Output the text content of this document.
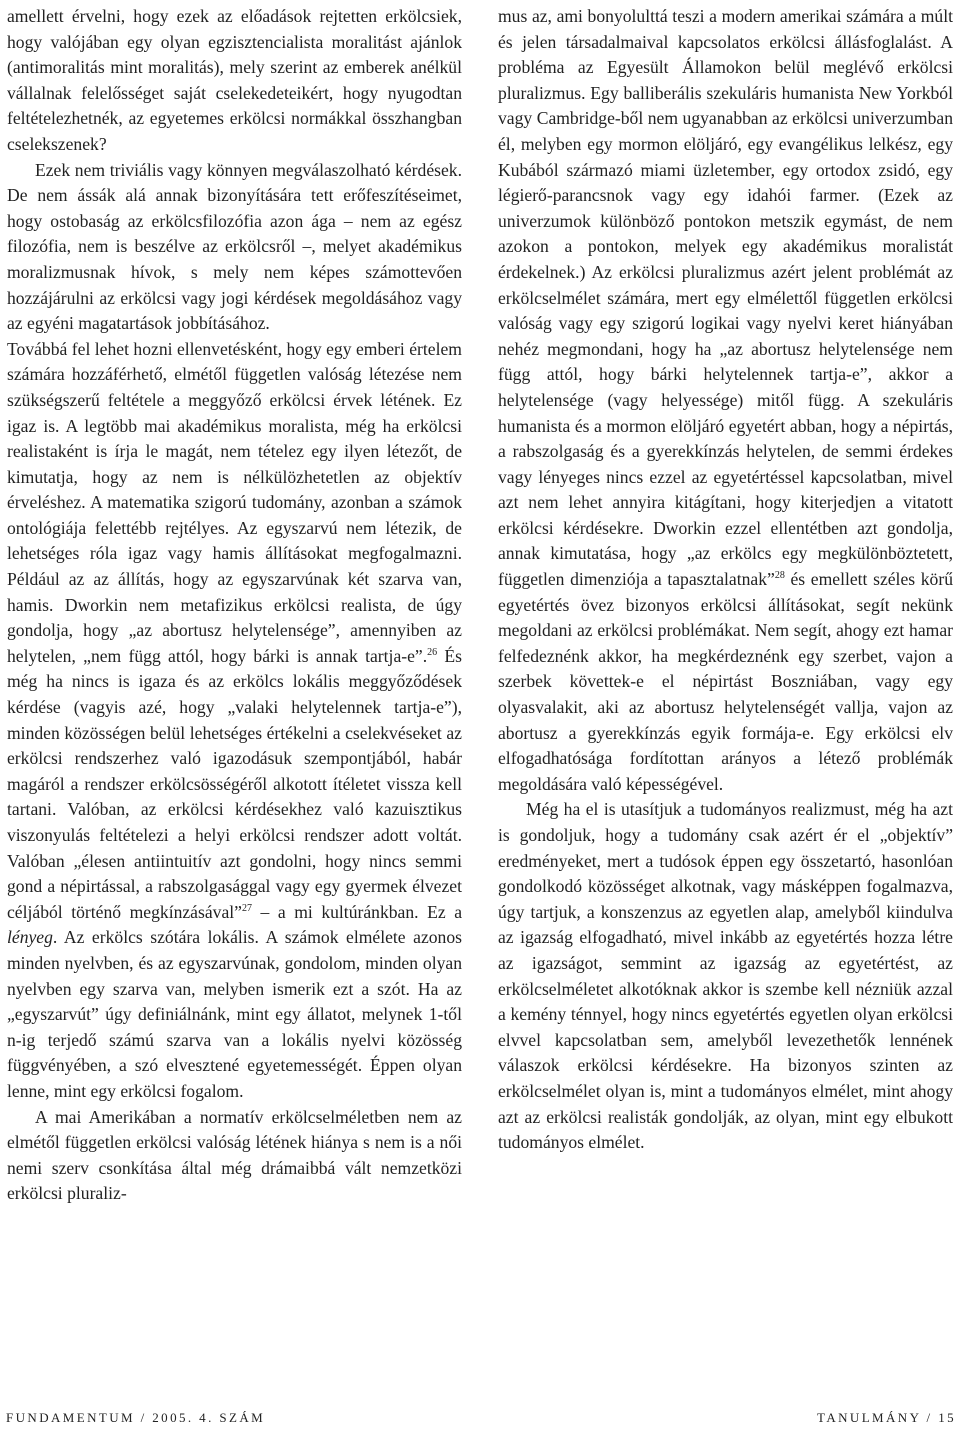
amellett érvelni, hogy ezek az előadások rejtetten erkölcsiek, hogy valójában egy olyan egzisztencialista moralitást ajánlok (antimoralitás mint moralitás), mely szerint az emberek anélkül vállalnak felelősséget saját cselekedeteikért, hogy nyugodtan feltételezhetnék, az egyetemes erkölcsi normákkal összhangban cselekszenek?

Ezek nem triviális vagy könnyen megválaszolható kérdések. De nem ássák alá annak bizonyítására tett erőfeszítéseimet, hogy ostobaság az erkölcsfilozófia azon ága – nem az egész filozófia, nem is beszélve az erkölcsről –, melyet akadémikus moralizmusnak hívok, s mely nem képes számottevően hozzájárulni az erkölcsi vagy jogi kérdések megoldásához vagy az egyéni magatartások jobbításához.

Továbbá fel lehet hozni ellenvetésként, hogy egy emberi értelem számára hozzáférhető, elmétől független valóság létezése nem szükségszerű feltétele a meggyőző erkölcsi érvek létének. Ez igaz is. A legtöbb mai akadémikus moralista, még ha erkölcsi realistaként is írja le magát, nem tételez egy ilyen létezőt, de kimutatja, hogy az nem is nélkülözhetetlen az objektív érveléshez. A matematika szigorú tudomány, azonban a számok ontológiája felettébb rejtélyes. Az egyszarvú nem létezik, de lehetséges róla igaz vagy hamis állításokat megfogalmazni. Például az az állítás, hogy az egyszarvúnak két szarva van, hamis. Dworkin nem metafizikus erkölcsi realista, de úgy gondolja, hogy „az abortusz helytelensége”, amennyiben az helytelen, „nem függ attól, hogy bárki is annak tartja-e”.$^{26}$ És még ha nincs is igaza és az erkölcs lokális meggyőződések kérdése (vagyis azé, hogy „valaki helytelennek tartja-e”), minden közösségen belül lehetséges értékelni a cselekvéseket az erkölcsi rendszerhez való igazodásuk szempontjából, habár magáról a rendszer erkölcsösségéről alkotott ítéletet vissza kell tartani. Valóban, az erkölcsi kérdésekhez való kazuisztikus viszonyulás feltételezi a helyi erkölcsi rendszer adott voltát. Valóban „élesen antiintuitív azt gondolni, hogy nincs semmi gond a népirtással, a rabszolgasággal vagy egy gyermek élvezet céljából történő megkínzásával”$^{27}$ – a mi kultúránkban. Ez a lényeg. Az erkölcs szótára lokális. A számok elmélete azonos minden nyelvben, és az egyszarvúnak, gondolom, minden olyan nyelvben egy szarva van, melyben ismerik ezt a szót. Ha az „egyszarvút” úgy definiálnánk, mint egy állatot, melynek 1-től n-ig terjedő számú szarva van a lokális nyelvi közösség függvényében, a szó elvesztené egyetemességét. Éppen olyan lenne, mint egy erkölcsi fogalom.

A mai Amerikában a normatív erkölcselméletben nem az elmétől független erkölcsi valóság létének hiánya s nem is a női nemi szerv csonkítása által még drámaibbá vált nemzetközi erkölcsi pluraliz-

mus az, ami bonyolulttá teszi a modern amerikai számára a múlt és jelen társadalmaival kapcsolatos erkölcsi állásfoglalást. A probléma az Egyesült Államokon belül meglévő erkölcsi pluralizmus. Egy balliberális szekuláris humanista New Yorkból vagy Cambridge-ből nem ugyanabban az erkölcsi univerzumban él, melyben egy mormon elöljáró, egy evangélikus lelkész, egy Kubából származó miami üzletember, egy ortodox zsidó, egy légierő-parancsnok vagy egy idahói farmer. (Ezek az univerzumok különböző pontokon metszik egymást, de nem azokon a pontokon, melyek egy akadémikus moralistát érdekelnek.) Az erkölcsi pluralizmus azért jelent problémát az erkölcselmélet számára, mert egy elmélettől független erkölcsi valóság vagy egy szigorú logikai vagy nyelvi keret hiányában nehéz megmondani, hogy ha „az abortusz helytelensége nem függ attól, hogy bárki helytelennek tartja-e”, akkor a helytelensége (vagy helyessége) mitől függ. A szekuláris humanista és a mormon elöljáró egyetért abban, hogy a népirtás, a rabszolgaság és a gyerekkínzás helytelen, de semmi érdekes vagy lényeges nincs ezzel az egyetértéssel kapcsolatban, mivel azt nem lehet annyira kitágítani, hogy kiterjedjen a vitatott erkölcsi kérdésekre. Dworkin ezzel ellentétben azt gondolja, annak kimutatása, hogy „az erkölcs egy megkülönböztetett, független dimenziója a tapasztalatnak”$^{28}$ és emellett széles körű egyetértés övez bizonyos erkölcsi állításokat, segít nekünk megoldani az erkölcsi problémákat. Nem segít, ahogy ezt hamar felfedeznénk akkor, ha megkérdeznénk egy szerbet, vajon a szerbek követtek-e el népirtást Boszniában, vagy egy olyasvalakit, aki az abortusz helytelenségét vallja, vajon az abortusz a gyerekkínzás egyik formája-e. Egy erkölcsi elv elfogadhatósága fordítottan arányos a létező problémák megoldására való képességével.

Még ha el is utasítjuk a tudományos realizmust, még ha azt is gondoljuk, hogy a tudomány csak azért ér el „objektív” eredményeket, mert a tudósok éppen egy összetartó, hasonlóan gondolkodó közösséget alkotnak, vagy másképpen fogalmazva, úgy tartjuk, a konszenzus az egyetlen alap, amelyből kiindulva az igazság elfogadható, mivel inkább az egyetértés hozza létre az igazságot, semmint az igazság az egyetértést, az erkölcselméletet alkotóknak akkor is szembe kell nézniük azzal a kemény ténnyel, hogy nincs egyetértés egyetlen olyan erkölcsi elvvel kapcsolatban sem, amelyből levezethetők lennének válaszok erkölcsi kérdésekre. Ha bizonyos szinten az erkölcselmélet olyan is, mint a tudományos elmélet, mint ahogy azt az erkölcsi realisták gondolják, az olyan, mint egy elbukott tudományos elmélet.

FUNDAMENTUM / 2005. 4. SZÁM	TANULMÁNY / 15
